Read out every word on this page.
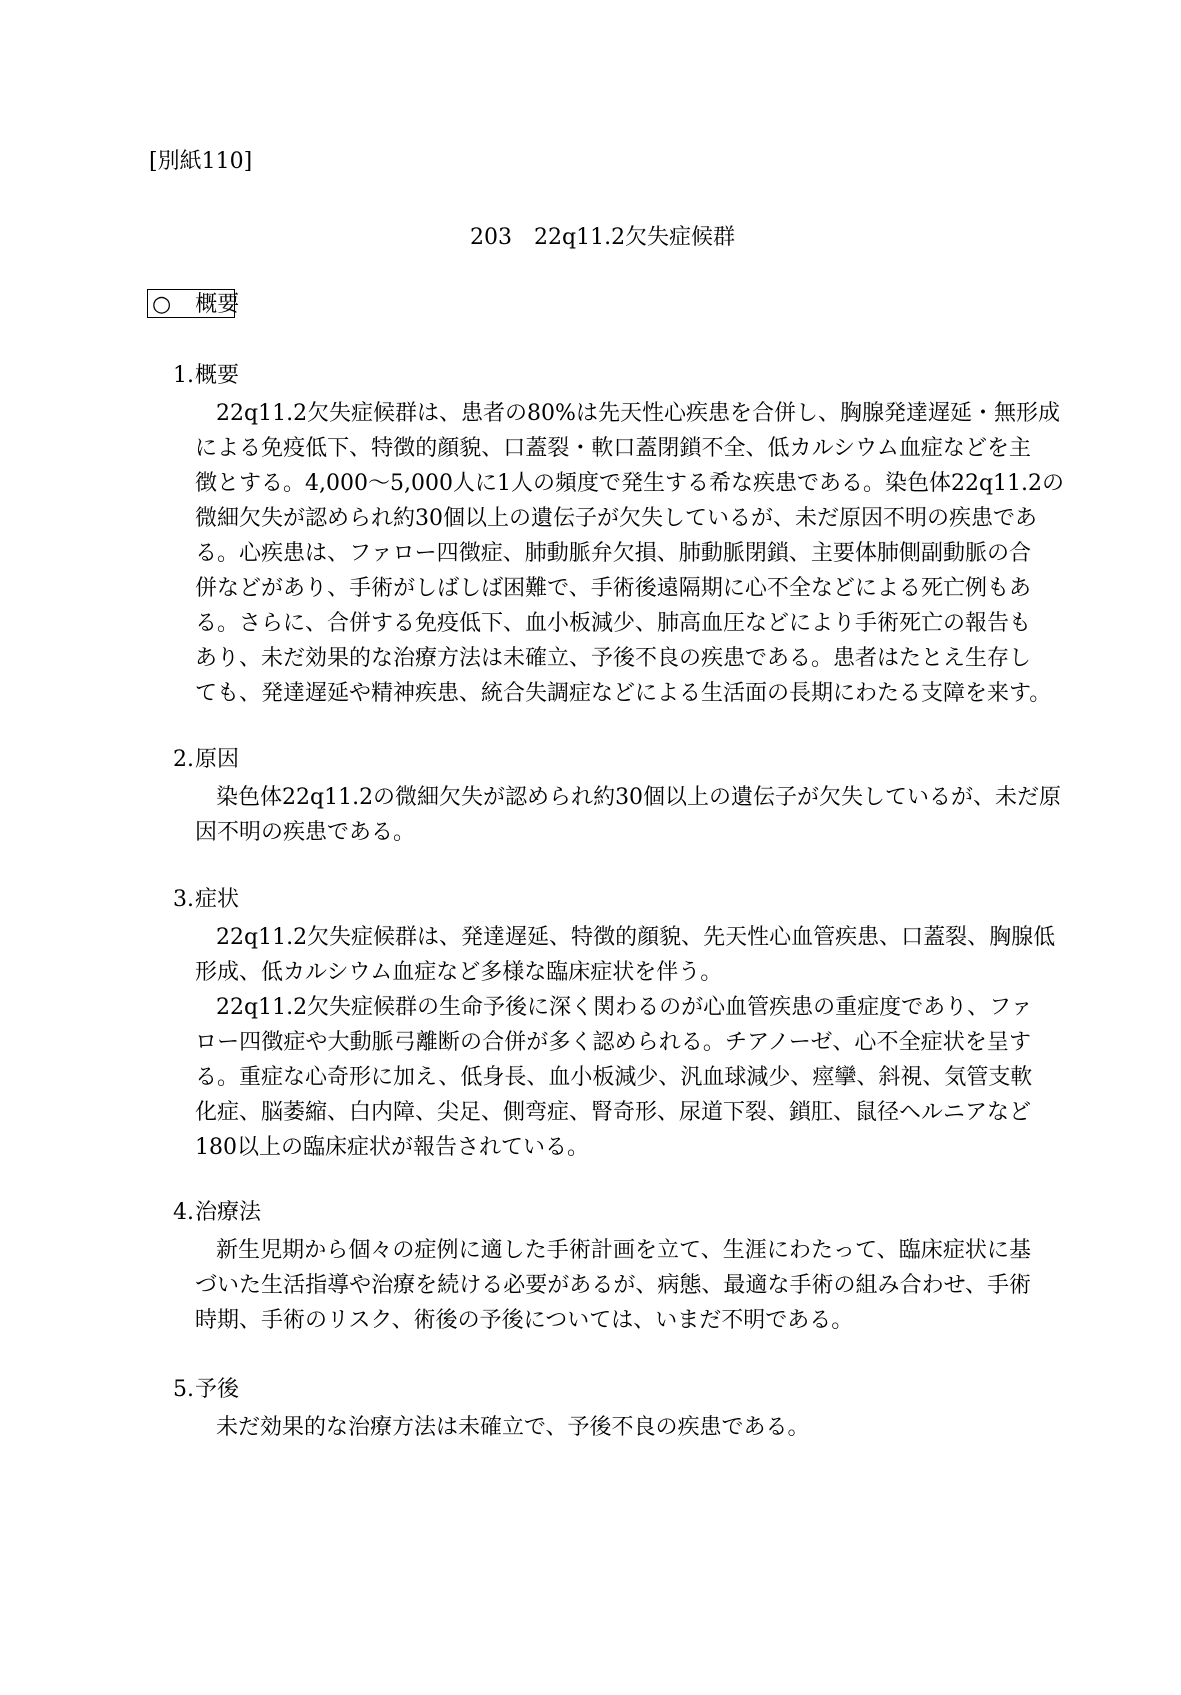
[別紙110]
203 22q11.2欠失症候群
○ 概要
1.概要
22q11.2欠失症候群は、患者の80%は先天性心疾患を合併し、胸腺発達遅延・無形成
による免疫低下、特徴的顔貌、口蓋裂・軟口蓋閉鎖不全、低カルシウム血症などを主
徴とする。4,000～5,000人に1人の頻度で発生する希な疾患である。染色体22q11.2の
微細欠失が認められ約30個以上の遺伝子が欠失しているが、未だ原因不明の疾患であ
る。心疾患は、ファロー四徴症、肺動脈弁欠損、肺動脈閉鎖、主要体肺側副動脈の合
併などがあり、手術がしばしば困難で、手術後遠隔期に心不全などによる死亡例もあ
る。さらに、合併する免疫低下、血小板減少、肺高血圧などにより手術死亡の報告も
あり、未だ効果的な治療方法は未確立、予後不良の疾患である。患者はたとえ生存し
ても、発達遅延や精神疾患、統合失調症などによる生活面の長期にわたる支障を来す。
2.原因
染色体22q11.2の微細欠失が認められ約30個以上の遺伝子が欠失しているが、未だ原
因不明の疾患である。
3.症状
22q11.2欠失症候群は、発達遅延、特徴的顔貌、先天性心血管疾患、口蓋裂、胸腺低
形成、低カルシウム血症など多様な臨床症状を伴う。
22q11.2欠失症候群の生命予後に深く関わるのが心血管疾患の重症度であり、ファ
ロー四徴症や大動脈弓離断の合併が多く認められる。チアノーゼ、心不全症状を呈す
る。重症な心奇形に加え、低身長、血小板減少、汎血球減少、痙攣、斜視、気管支軟
化症、脳萎縮、白内障、尖足、側弯症、腎奇形、尿道下裂、鎖肛、鼠径ヘルニアなど
180以上の臨床症状が報告されている。
4.治療法
新生児期から個々の症例に適した手術計画を立て、生涯にわたって、臨床症状に基
づいた生活指導や治療を続ける必要があるが、病態、最適な手術の組み合わせ、手術
時期、手術のリスク、術後の予後については、いまだ不明である。
5.予後
未だ効果的な治療方法は未確立で、予後不良の疾患である。
